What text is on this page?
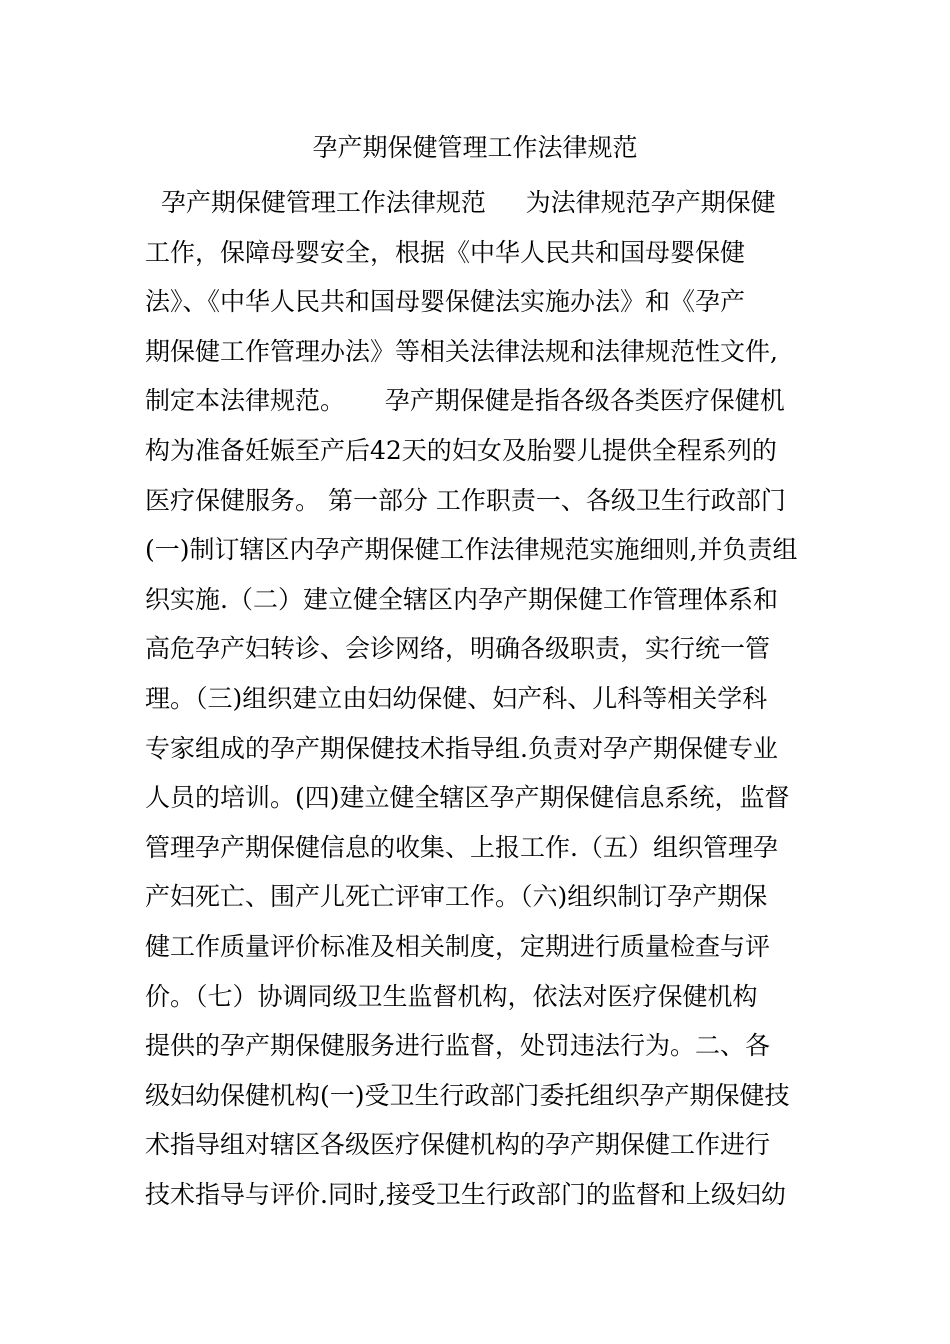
孕产期保健管理工作法律规范
孕产期保健管理工作法律规范     为法律规范孕产期保健
工作，保障母婴安全，根据《中华人民共和国母婴保健
法》、《中华人民共和国母婴保健法实施办法》和《孕产
期保健工作管理办法》等相关法律法规和法律规范性文件,
制定本法律规范。     孕产期保健是指各级各类医疗保健机
构为准备妊娠至产后42天的妇女及胎婴儿提供全程系列的
医疗保健服务。 第一部分 工作职责一、各级卫生行政部门
(一)制订辖区内孕产期保健工作法律规范实施细则,并负责组
织实施.（二）建立健全辖区内孕产期保健工作管理体系和
高危孕产妇转诊、会诊网络，明确各级职责，实行统一管
理。（三)组织建立由妇幼保健、妇产科、儿科等相关学科
专家组成的孕产期保健技术指导组.负责对孕产期保健专业
人员的培训。(四)建立健全辖区孕产期保健信息系统，监督
管理孕产期保健信息的收集、上报工作.（五）组织管理孕
产妇死亡、围产儿死亡评审工作。（六)组织制订孕产期保
健工作质量评价标准及相关制度，定期进行质量检查与评
价。（七）协调同级卫生监督机构，依法对医疗保健机构
提供的孕产期保健服务进行监督，处罚违法行为。二、各
级妇幼保健机构(一)受卫生行政部门委托组织孕产期保健技
术指导组对辖区各级医疗保健机构的孕产期保健工作进行
技术指导与评价.同时,接受卫生行政部门的监督和上级妇幼
